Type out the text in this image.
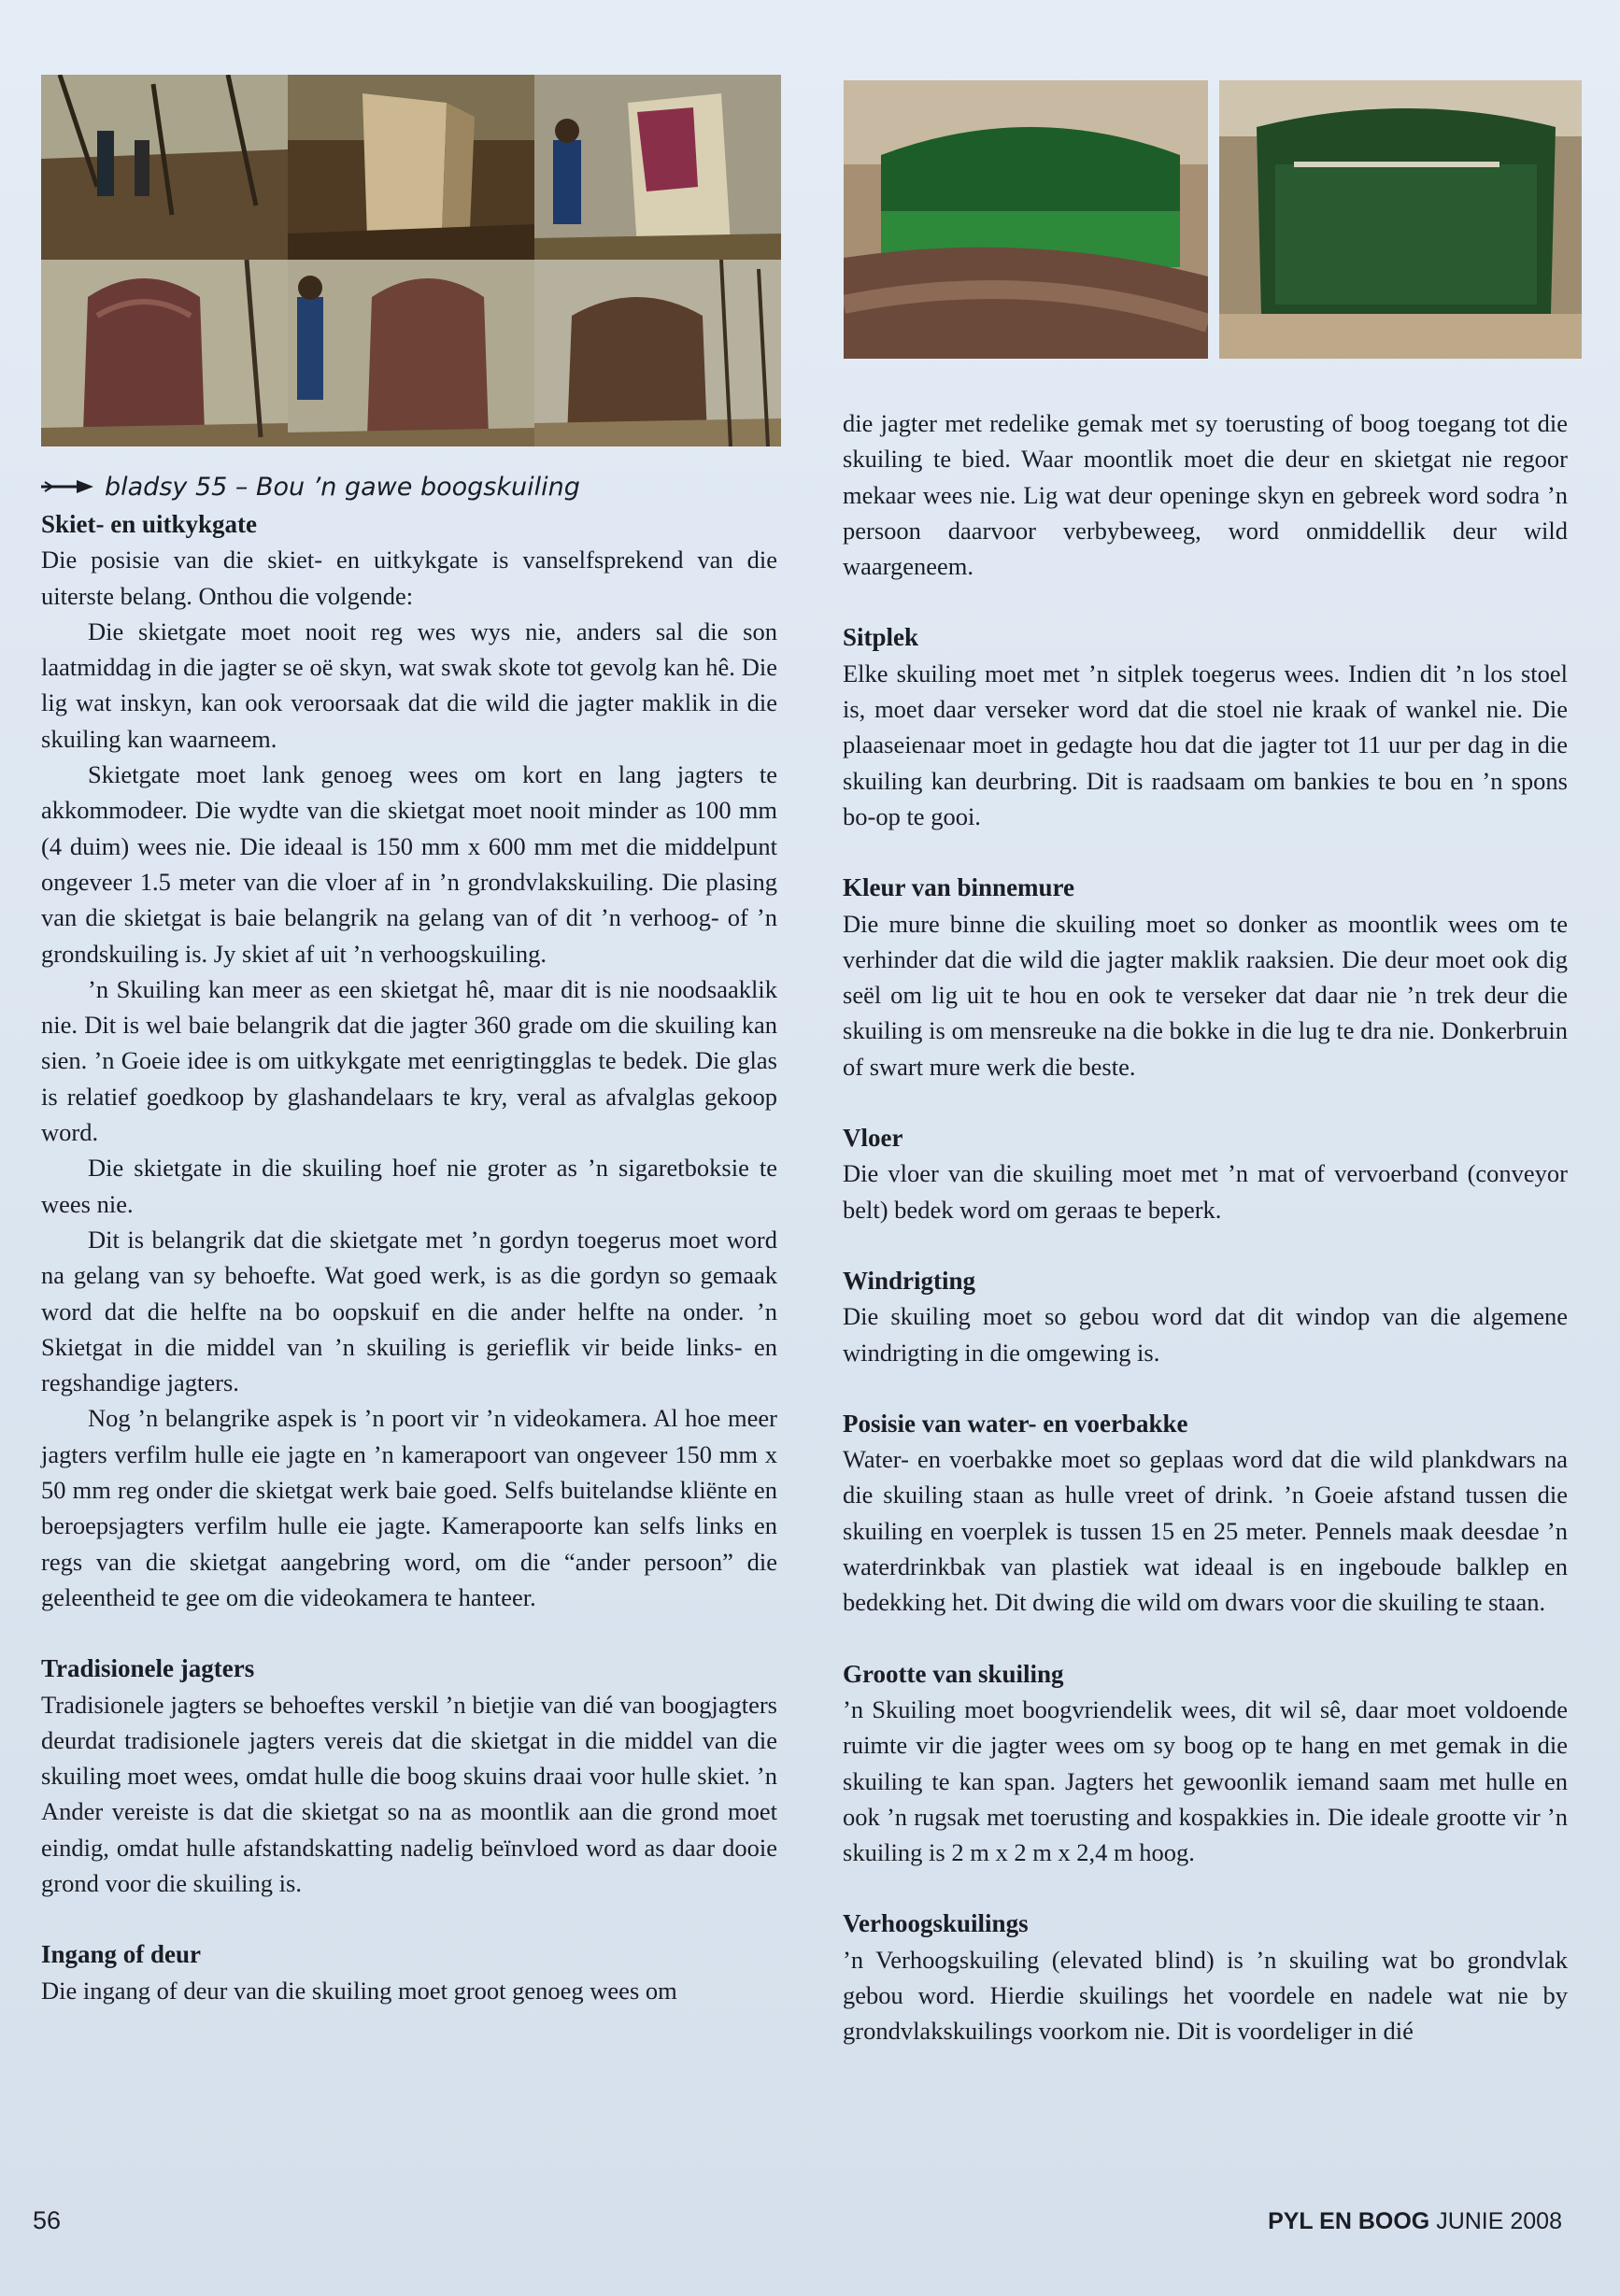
bladsy 55 – Bou ’n gawe boogskuiling
Skiet- en uitkykgate

Die posisie van die skiet- en uitkykgate is vanselfsprekend van die uiterste belang. Onthou die volgende:

Die skietgate moet nooit reg wes wys nie, anders sal die son laatmiddag in die jagter se oë skyn, wat swak skote tot gevolg kan hê. Die lig wat inskyn, kan ook veroorsaak dat die wild die jagter maklik in die skuiling kan waarneem.

Skietgate moet lank genoeg wees om kort en lang jagters te akkommodeer. Die wydte van die skietgat moet nooit minder as 100 mm (4 duim) wees nie. Die ideaal is 150 mm x 600 mm met die middelpunt ongeveer 1.5 meter van die vloer af in ’n grondvlakskuiling. Die plasing van die skietgat is baie belangrik na gelang van of dit ’n verhoog- of ’n grondskuiling is. Jy skiet af uit ’n verhoogskuiling.

’n Skuiling kan meer as een skietgat hê, maar dit is nie noodsaaklik nie. Dit is wel baie belangrik dat die jagter 360 grade om die skuiling kan sien. ’n Goeie idee is om uitkykgate met eenrigtingglas te bedek. Die glas is relatief goedkoop by glashandelaars te kry, veral as afvalglas gekoop word.

Die skietgate in die skuiling hoef nie groter as ’n sigaretboksie te wees nie.

Dit is belangrik dat die skietgate met ’n gordyn toegerus moet word na gelang van sy behoefte. Wat goed werk, is as die gordyn so gemaak word dat die helfte na bo oopskuif en die ander helfte na onder. ’n Skietgat in die middel van ’n skuiling is gerieflik vir beide links- en regshandige jagters.

Nog ’n belangrike aspek is ’n poort vir ’n videokamera. Al hoe meer jagters verfilm hulle eie jagte en ’n kamerapoort van ongeveer 150 mm x 50 mm reg onder die skietgat werk baie goed. Selfs buitelandse kliënte en beroepsjagters verfilm hulle eie jagte. Kamerapoorte kan selfs links en regs van die skietgat aangebring word, om die “ander persoon” die geleentheid te gee om die videokamera te hanteer.

Tradisionele jagters

Tradisionele jagters se behoeftes verskil ’n bietjie van dié van boogjagters deurdat tradisionele jagters vereis dat die skietgat in die middel van die skuiling moet wees, omdat hulle die boog skuins draai voor hulle skiet. ’n Ander vereiste is dat die skietgat so na as moontlik aan die grond moet eindig, omdat hulle afstandskatting nadelig beïnvloed word as daar dooie grond voor die skuiling is.

Ingang of deur

Die ingang of deur van die skuiling moet groot genoeg wees om

die jagter met redelike gemak met sy toerusting of boog toegang tot die skuiling te bied. Waar moontlik moet die deur en skietgat nie regoor mekaar wees nie. Lig wat deur openinge skyn en gebreek word sodra ’n persoon daarvoor verbybeweeg, word onmiddellik deur wild waargeneem.

Sitplek

Elke skuiling moet met ’n sitplek toegerus wees. Indien dit ’n los stoel is, moet daar verseker word dat die stoel nie kraak of wankel nie. Die plaaseienaar moet in gedagte hou dat die jagter tot 11 uur per dag in die skuiling kan deurbring. Dit is raadsaam om bankies te bou en ’n spons bo-op te gooi.

Kleur van binnemure

Die mure binne die skuiling moet so donker as moontlik wees om te verhinder dat die wild die jagter maklik raaksien. Die deur moet ook dig seël om lig uit te hou en ook te verseker dat daar nie ’n trek deur die skuiling is om mensreuke na die bokke in die lug te dra nie. Donkerbruin of swart mure werk die beste.

Vloer

Die vloer van die skuiling moet met ’n mat of vervoerband (conveyor belt) bedek word om geraas te beperk.

Windrigting

Die skuiling moet so gebou word dat dit windop van die algemene windrigting in die omgewing is.

Posisie van water- en voerbakke

Water- en voerbakke moet so geplaas word dat die wild plankdwars na die skuiling staan as hulle vreet of drink. ’n Goeie afstand tussen die skuiling en voerplek is tussen 15 en 25 meter. Pennels maak deesdae ’n waterdrinkbak van plastiek wat ideaal is en ingeboude balklep en bedekking het. Dit dwing die wild om dwars voor die skuiling te staan.

Grootte van skuiling

’n Skuiling moet boogvriendelik wees, dit wil sê, daar moet voldoende ruimte vir die jagter wees om sy boog op te hang en met gemak in die skuiling te kan span. Jagters het gewoonlik iemand saam met hulle en ook ’n rugsak met toerusting and kospakkies in. Die ideale grootte vir ’n skuiling is 2 m x 2 m x 2,4 m hoog.

Verhoogskuilings

’n Verhoogskuiling (elevated blind) is ’n skuiling wat bo grondvlak gebou word. Hierdie skuilings het voordele en nadele wat nie by grondvlakskuilings voorkom nie. Dit is voordeliger in dié

56	PYL EN BOOG JUNIE 2008
